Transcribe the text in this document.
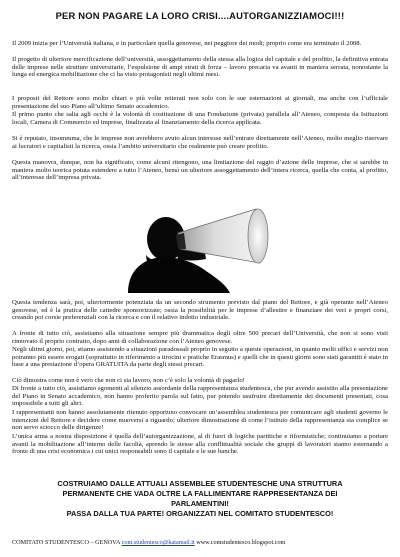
PER NON PAGARE LA LORO CRISI....AUTORGANIZZIAMOCI!!!

Il 2009 inizia per l’Università italiana, e in particolare quella genovese, nei peggiore dei modi; proprio come era terminato il 2008.

Il progetto di ulteriore mercificazione dell’università, assoggettamento della stessa alla logica del capitale e del profitto, la definitiva entrata delle imprese nelle strutture universitarie, l’espulsione di ampi strati di forza – lavoro precaria va avanti in maniera serrata, nonostante la lunga ed energica mobilitazione che ci ha visto protagonisti negli ultimi mesi.

I proposit del Rettore sono molto chiari e più volte reiterati non solo con le sue esternazioni ai giornali, ma anche con l’ufficiale presentazione del suo Piano all’ultimo Senato accademico.

Il primo punto che salta agli occhi è la volontà di costituzione di una Fondazione (privata) parallela all’Ateneo, composta da Istituzioni locali, Camera di Commercio ed imprese, finalizzata al finanziamento della ricerca applicata.

Si è reputato, insommma, che le imprese non avrebbero avuto alcun interesse nell’entrare direttamente nell’Ateneo, molto meglio riservare ai lucratori e capitalisti la ricerca, ossia l’ambito universitario che realmente può creare profitto.

Questa manovra, dunque, non ha significato, come alcuni ritengono, una limitazione del raggio d’azione delle imprese, che si sarebbe in maniera molto teorica potuta estendere a tutto l’Ateneo, bensì un ulteriore assoggettamento dell’intera ricerca, quella che conta, al profitto, all’interesse dell’impresa privata.

Questa tendenza sarà, poi, ulteriormente potenziata da un secondo strumento previsto dal piano del Rettore, e già operante nell’Ateneo genovese, ed è la pratica delle cattedre sponsorizzate; ossia la possibilità per le imprese d’allestire e finanziare dei veri e propri corsi, creando poi corsie preferenziali con la ricerca e con il relativo indotto industriale.

A fronte di tutto ciò, assistiamo alla situazione sempre più drammatica degli oltre 500 precari dell’Università, che non si sono visti rinnovato il proprio contratto, dopo anni di collaborazione con l’Ateneo genovese.

Negli ultimi giorni, poi, stiamo assistendo a situazioni paradossali proprio in seguito a queste operazioni, in quanto molti uffici e servizi non potranno più essere erogati (soprattutto in riferimento a tirocini e pratiche Erasmus) e quelli che in questi giorni sono stati garantiti è stato in base a una prestazione d’opera GRATUITA da parte degli stessi precari.

Ciò dimostra come non è vero che non ci sia lavoro, non c’è solo la volontà di pagarlo!

Di fronte a tutto ciò, assistiamo sgomenti al silenzio assordante della rappresentanza studentesca, che pur avendo assistito alla presentazione del Piano in Senato accademico, non hanno proferito parola sul fatto, pur potendo usufruire direttamente dei documenti presentati, cosa impossibile a tutti gli altri.

I rappresentanti non hanno assolutamente ritenuto opportuno convocare un’assemblea studentesca per comunicare agli studenti governo le intenzioni del Rettore e decidere come muoversi a riguardo; ulteriore dimostrazione di come l’istituto della rappresentanza sia complice se non servo sciocco delle dirigenze!

L’unica arma a nostra disposizione è quella dell’autorganizzazione, al di fuori di logiche partitiche e riformistiche; continuiamo a portare avanti la mobilitazione all’interno delle facoltà, aprendo le stesse alla conflittualità sociale che gruppi di lavoratori stanno esternando a fronte di una crisi economica i cui unici responsabili sono il capitale e le sue banche.

COSTRUIAMO DALLE ATTUALI ASSEMBLEE STUDENTESCHE UNA STRUTTURA
PERMANENTE CHE VADA OLTRE LA FALLIMENTARE RAPPRESENTANZA DEI
PARLAMENTINI!
PASSA DALLA TUA PARTE! ORGANIZZATI NEL COMITATO STUDENTESCO!
COMITATO STUDENTESCO – GENOVA com.studentesco@katamail.it www.comstudentesco.blogspot.com
